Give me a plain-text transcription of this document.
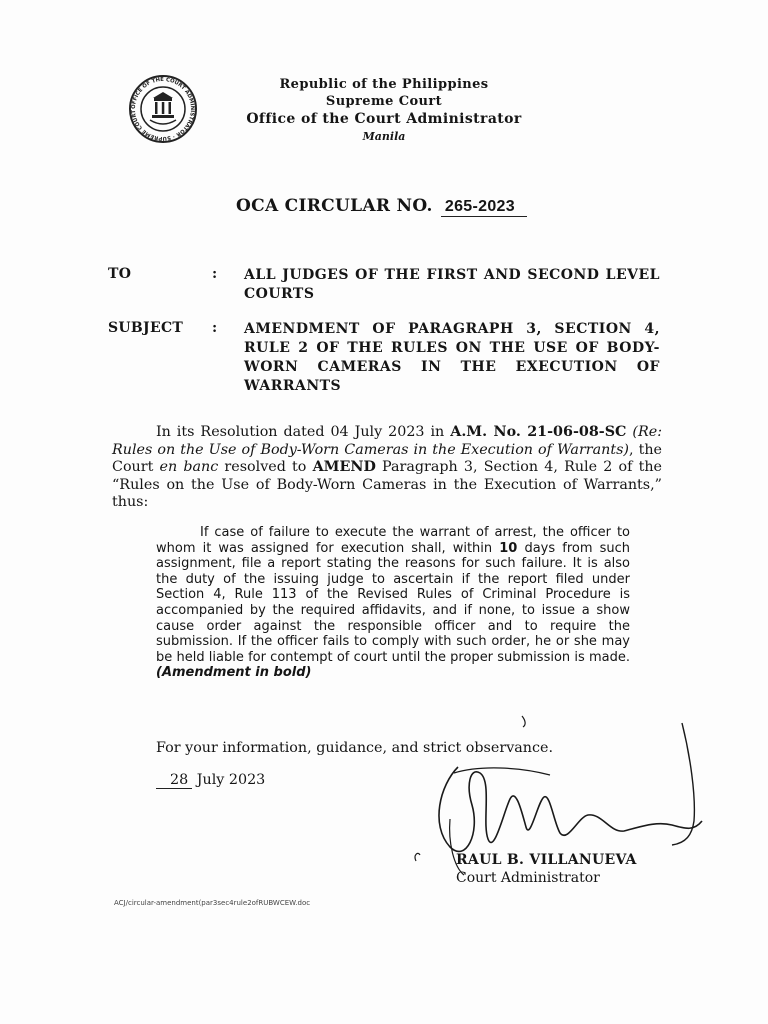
OFFICE OF THE COURT ADMINISTRATOR · SUPREME COURT
Republic of the Philippines
Supreme Court
Office of the Court Administrator
Manila
OCA CIRCULAR NO. 265-2023
TO	: ALL JUDGES OF THE FIRST AND SECOND LEVEL COURTS
SUBJECT : AMENDMENT OF PARAGRAPH 3, SECTION 4, RULE 2 OF THE RULES ON THE USE OF BODY-WORN CAMERAS IN THE EXECUTION OF WARRANTS
In its Resolution dated 04 July 2023 in A.M. No. 21-06-08-SC (Re: Rules on the Use of Body-Worn Cameras in the Execution of Warrants), the Court en banc resolved to AMEND Paragraph 3, Section 4, Rule 2 of the “Rules on the Use of Body-Worn Cameras in the Execution of Warrants,” thus:
If case of failure to execute the warrant of arrest, the officer to whom it was assigned for execution shall, within 10 days from such assignment, file a report stating the reasons for such failure. It is also the duty of the issuing judge to ascertain if the report filed under Section 4, Rule 113 of the Revised Rules of Criminal Procedure is accompanied by the required affidavits, and if none, to issue a show cause order against the responsible officer and to require the submission. If the officer fails to comply with such order, he or she may be held liable for contempt of court until the proper submission is made. (Amendment in bold)
For your information, guidance, and strict observance.
28 July 2023
RAUL B. VILLANUEVA
Court Administrator
ACJ/circular-amendment(par3sec4rule2ofRUBWCEW.doc
